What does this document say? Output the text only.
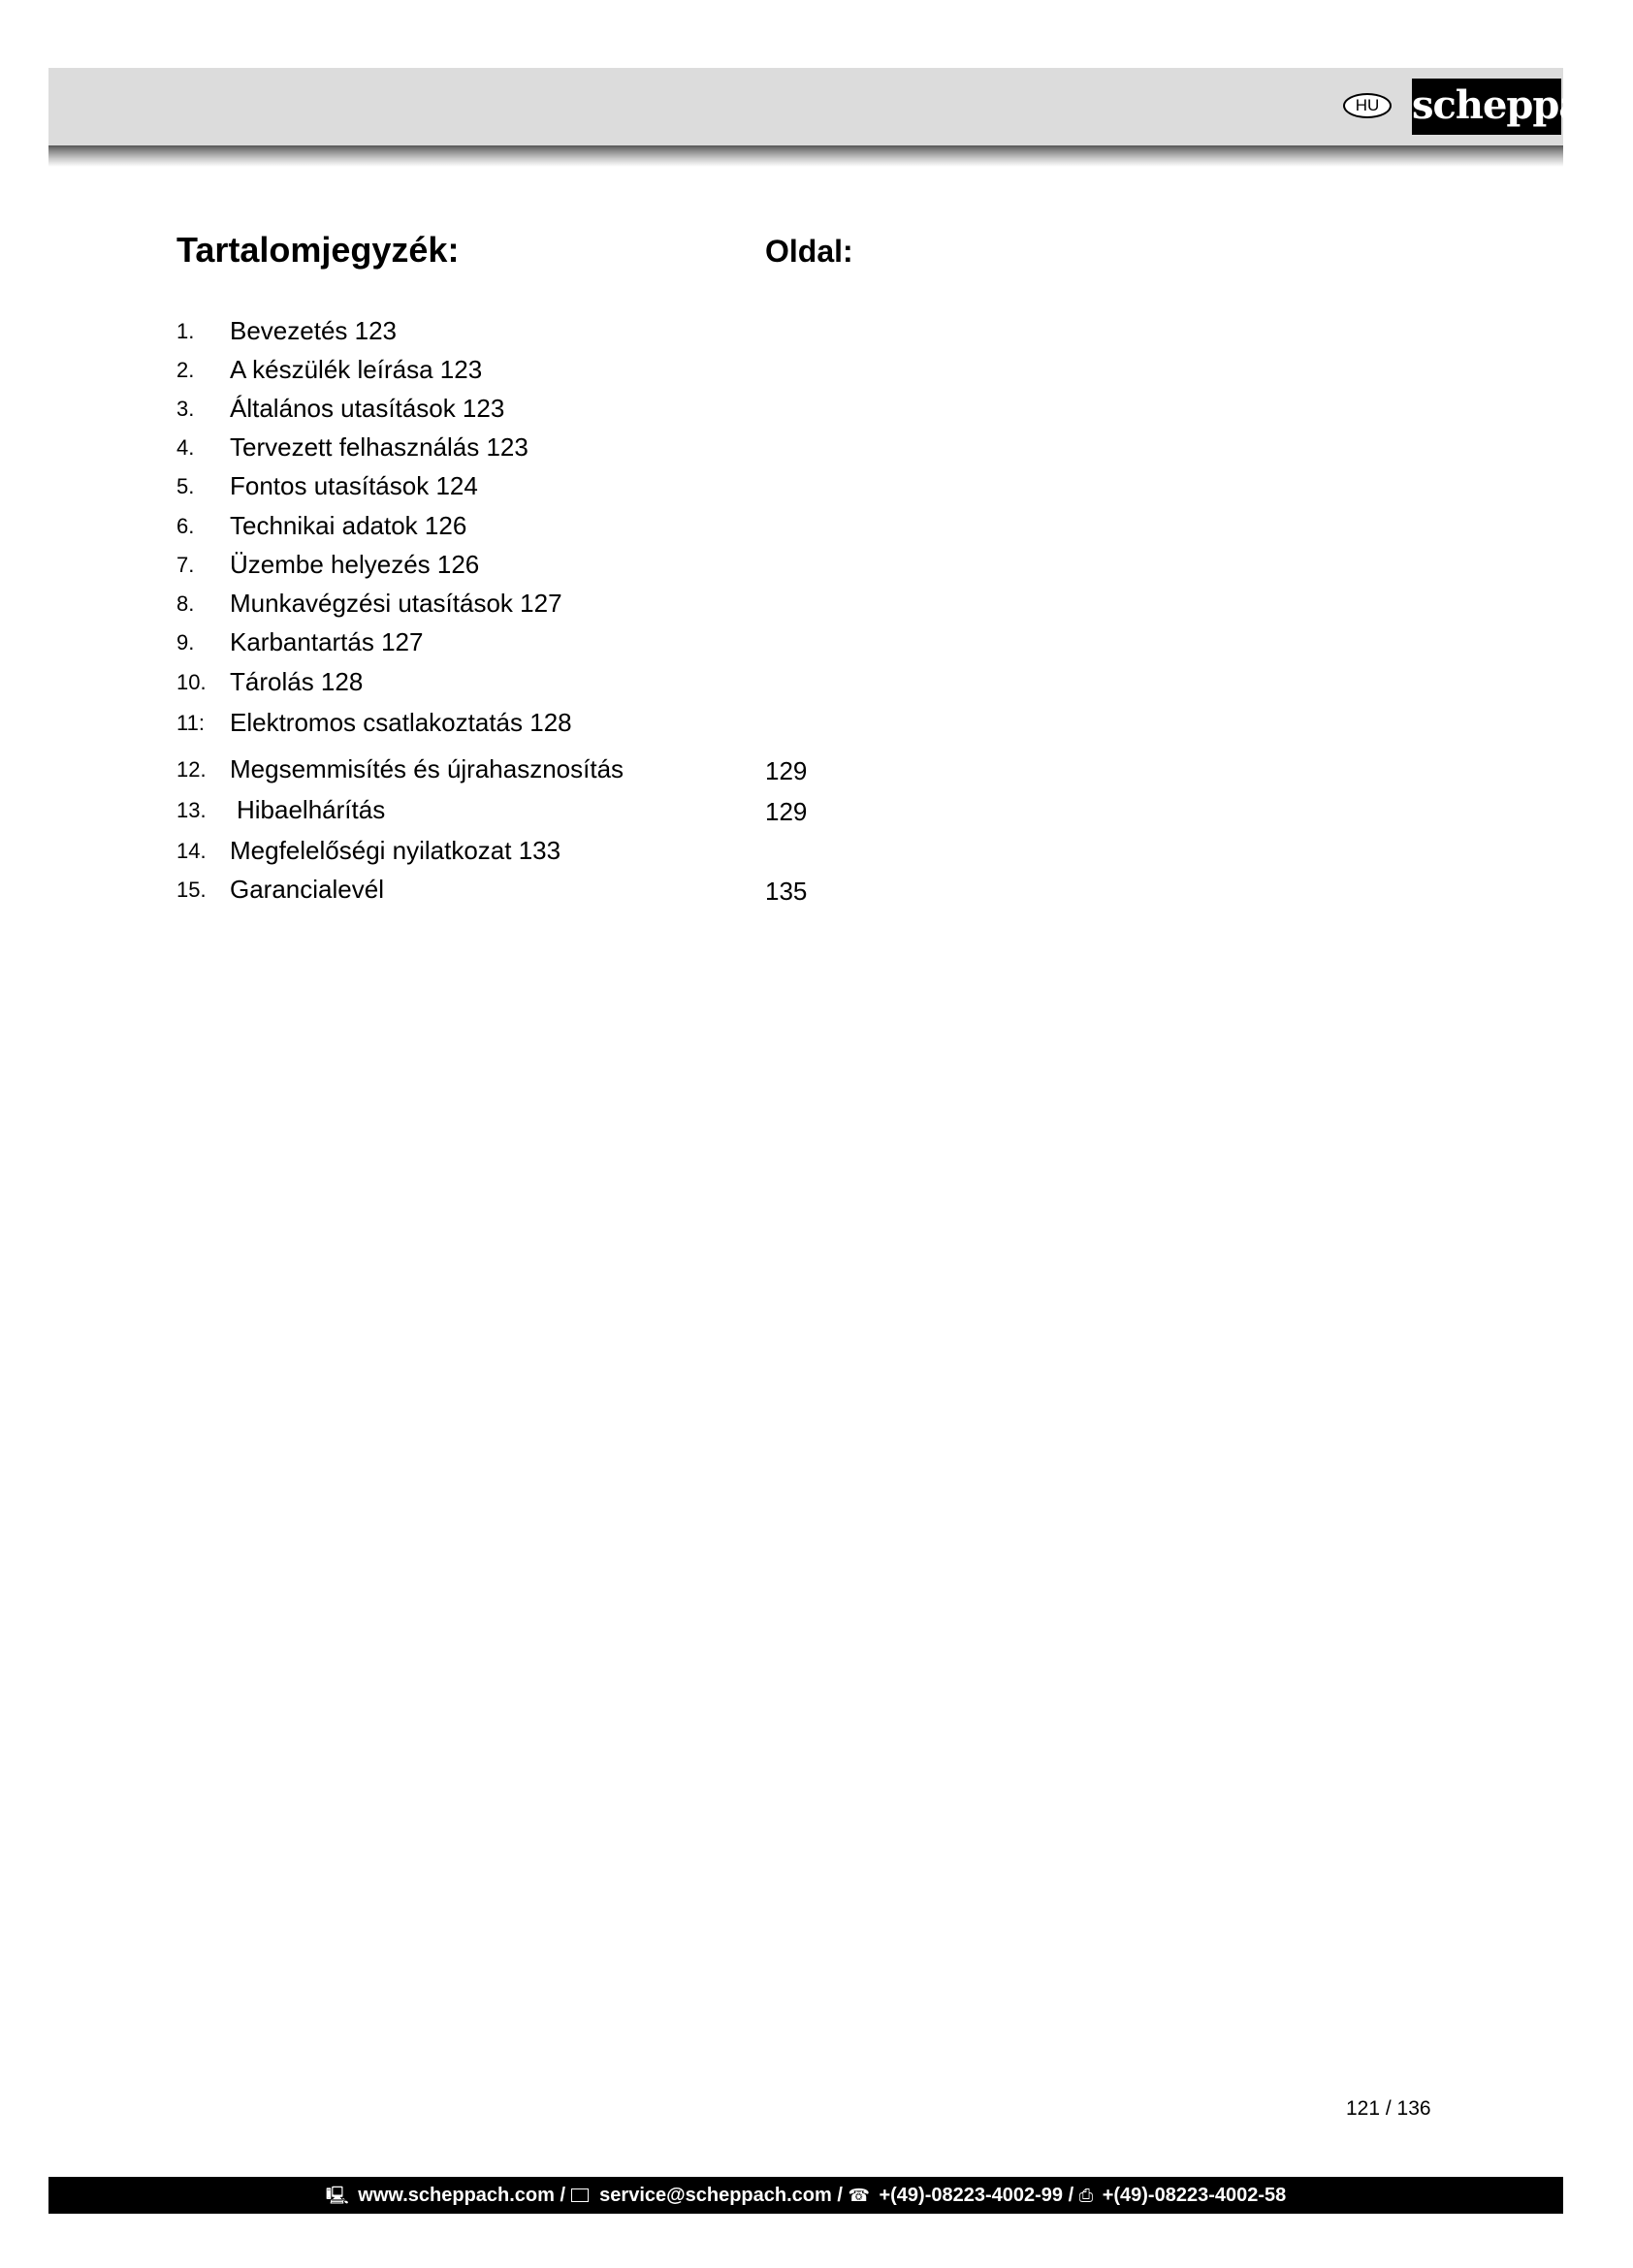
HU scheppach
Tartalomjegyzék:	Oldal:
1. Bevezetés 123
2. A készülék leírása 123
3. Általános utasítások 123
4. Tervezett felhasználás 123
5. Fontos utasítások 124
6. Technikai adatok 126
7. Üzembe helyezés 126
8. Munkavégzési utasítások 127
9. Karbantartás 127
10. Tárolás 128
11: Elektromos csatlakoztatás 128
12. Megsemmisítés és újrahasznosítás	129
13. Hibaelhárítás	129
14. Megfelelőségi nyilatkozat 133
15. Garancialevél	135
121 / 136
🖳︎ www.scheppach.com / service@scheppach.com / ☎ +(49)-08223-4002-99 / ⎙ +(49)-08223-4002-58
